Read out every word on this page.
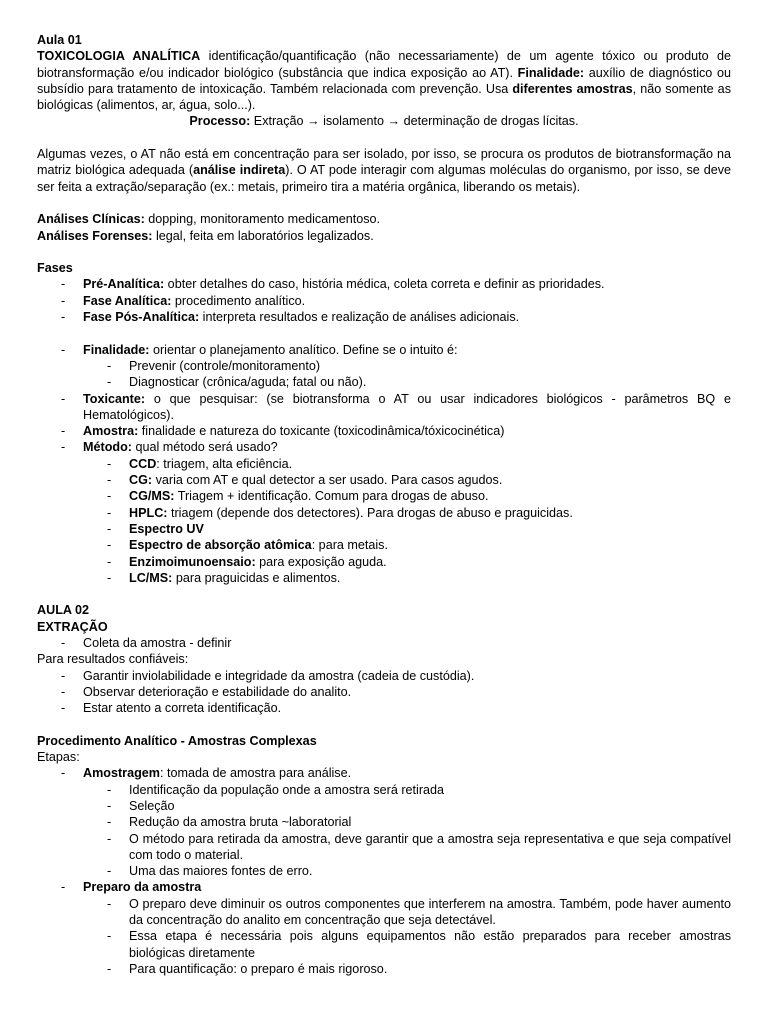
Aula 01

TOXICOLOGIA ANALÍTICA identificação/quantificação (não necessariamente) de um agente tóxico ou produto de biotransformação e/ou indicador biológico (substância que indica exposição ao AT). Finalidade: auxílio de diagnóstico ou subsídio para tratamento de intoxicação. Também relacionada com prevenção. Usa diferentes amostras, não somente as biológicas (alimentos, ar, água, solo...).

Processo: Extração → isolamento → determinação de drogas lícitas.

Algumas vezes, o AT não está em concentração para ser isolado, por isso, se procura os produtos de biotransformação na matriz biológica adequada (análise indireta). O AT pode interagir com algumas moléculas do organismo, por isso, se deve ser feita a extração/separação (ex.: metais, primeiro tira a matéria orgânica, liberando os metais).

Análises Clínicas: dopping, monitoramento medicamentoso.

Análises Forenses: legal, feita em laboratórios legalizados.

Fases

- Pré-Analítica: obter detalhes do caso, história médica, coleta correta e definir as prioridades.
- Fase Analítica: procedimento analítico.
- Fase Pós-Analítica: interpreta resultados e realização de análises adicionais.
- Finalidade: orientar o planejamento analítico. Define se o intuito é:
- Prevenir (controle/monitoramento)
- Diagnosticar (crônica/aguda; fatal ou não).
- Toxicante: o que pesquisar: (se biotransforma o AT ou usar indicadores biológicos - parâmetros BQ e Hematológicos).
- Amostra: finalidade e natureza do toxicante (toxicodinâmica/tóxicocinética)
- Método: qual método será usado?
- CCD: triagem, alta eficiência.
- CG: varia com AT e qual detector a ser usado. Para casos agudos.
- CG/MS: Triagem + identificação. Comum para drogas de abuso.
- HPLC: triagem (depende dos detectores). Para drogas de abuso e praguicidas.
- Espectro UV
- Espectro de absorção atômica: para metais.
- Enzimoimunoensaio: para exposição aguda.
- LC/MS: para praguicidas e alimentos.

AULA 02

EXTRAÇÃO

- Coleta da amostra - definir

Para resultados confiáveis:

- Garantir inviolabilidade e integridade da amostra (cadeia de custódia).
- Observar deterioração e estabilidade do analito.
- Estar atento a correta identificação.

Procedimento Analítico - Amostras Complexas

Etapas:

- Amostragem: tomada de amostra para análise.
- Identificação da população onde a amostra será retirada
- Seleção
- Redução da amostra bruta ~laboratorial
- O método para retirada da amostra, deve garantir que a amostra seja representativa e que seja compatível com todo o material.
- Uma das maiores fontes de erro.
- Preparo da amostra
- O preparo deve diminuir os outros componentes que interferem na amostra. Também, pode haver aumento da concentração do analito em concentração que seja detectável.
- Essa etapa é necessária pois alguns equipamentos não estão preparados para receber amostras biológicas diretamente
- Para quantificação: o preparo é mais rigoroso.
